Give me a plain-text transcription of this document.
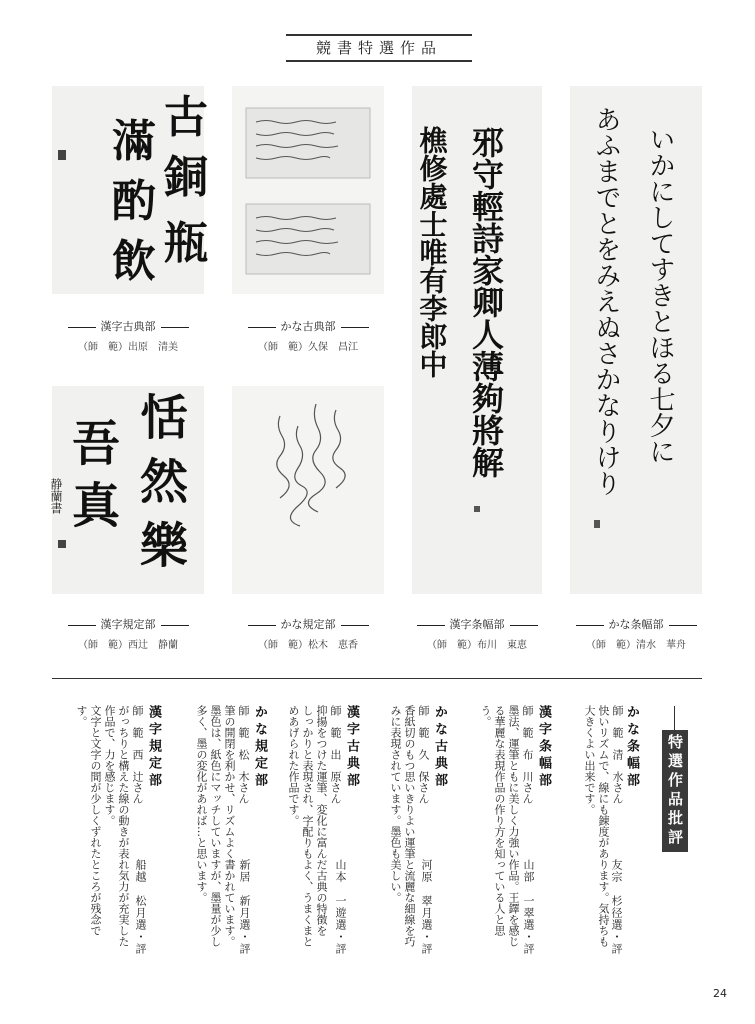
競書特選作品
古
銅
瓶
滿
酌
飲	邪守輕詩家卿人薄夠將解
樵修處士唯有李郎中	いかにしてすきとほる七夕に
あふまでとをみえぬさかなりけり
漢字古典部
（師　範）出原　清美
かな古典部
（師　範）久保　昌江
恬
然
樂
吾
真
静蘭書
漢字規定部
（師　範）西辻　静蘭
かな規定部
（師　範）松木　恵香
漢字条幅部
（師　範）布川　東恵
かな条幅部
（師　範）清水　華舟
特選作品批評
かな条幅部
師　範　清　水さん
快いリズムで、線にも錬度があります。気持ちも
大きくよい出来です。
友宗　杉径選・評
漢字条幅部
師　範　布　川さん
墨法、運筆ともに美しく力強い作品。王鐸を感じ
る華麗な表現作品の作り方を知っている人と思
う。
山部　一翠選・評
かな古典部
師　範　久　保さん
香紙切のもつ思いきりよい運筆と流麗な細線を巧
みに表現されています。墨色も美しい。
河原　翠月選・評
漢字古典部
師　範　出　原さん
抑揚をつけた運筆、変化に富んだ古典の特徴を
しっかりと表現され、字配りもよく、うまくまと
めあげられた作品です。
山本　一遊選・評
かな規定部
師　範　松　木さん
筆の開閉を利かせ、リズムよく書かれています。
墨色は、紙色にマッチしていますが、墨量が少し
多く、墨の変化があれば…と思います。
新居　新月選・評
漢字規定部
師　範　西　辻さん
がっちりと構えた線の動きが表れ気力が充実した
作品で、力を感じます。
文字と文字の間が少しくずれたところが残念で
す。
船越　松月選・評
24
